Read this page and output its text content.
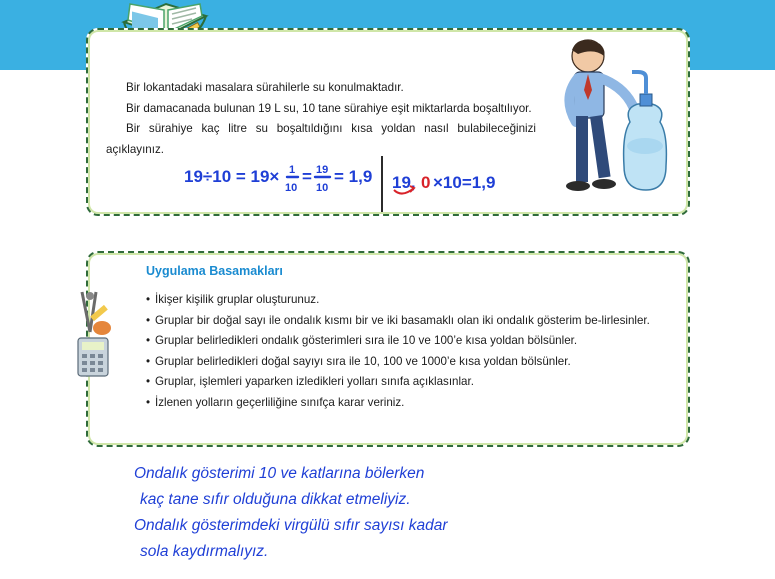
Bir lokantadaki masalara sürahilerle su konulmaktadır.

Bir damacanada bulunan 19 L su, 10 tane sürahiye eşit miktarlarda boşaltılıyor.

Bir sürahiye kaç litre su boşaltıldığını kısa yoldan nasıl bulabileceğinizi açıklayınız.

19÷10 = 19× 1
10
= 19
10
= 1,9 19, 0 ×10=1,9
Uygulama Basamakları
• İkişer kişilik gruplar oluşturunuz.
• Gruplar bir doğal sayı ile ondalık kısmı bir ve iki basamaklı olan iki ondalık gösterim be-lirlesinler.
• Gruplar belirledikleri ondalık gösterimleri sıra ile 10 ve 100’e kısa yoldan bölsünler.
• Gruplar belirledikleri doğal sayıyı sıra ile 10, 100 ve 1000’e kısa yoldan bölsünler.
• Gruplar, işlemleri yaparken izledikleri yolları sınıfa açıklasınlar.
• İzlenen yolların geçerliliğine sınıfça karar veriniz.
Ondalık gösterimi 10 ve katlarına bölerken
kaç tane sıfır olduğuna dikkat etmeliyiz.
Ondalık gösterimdeki virgülü sıfır sayısı kadar
sola kaydırmalıyız.
